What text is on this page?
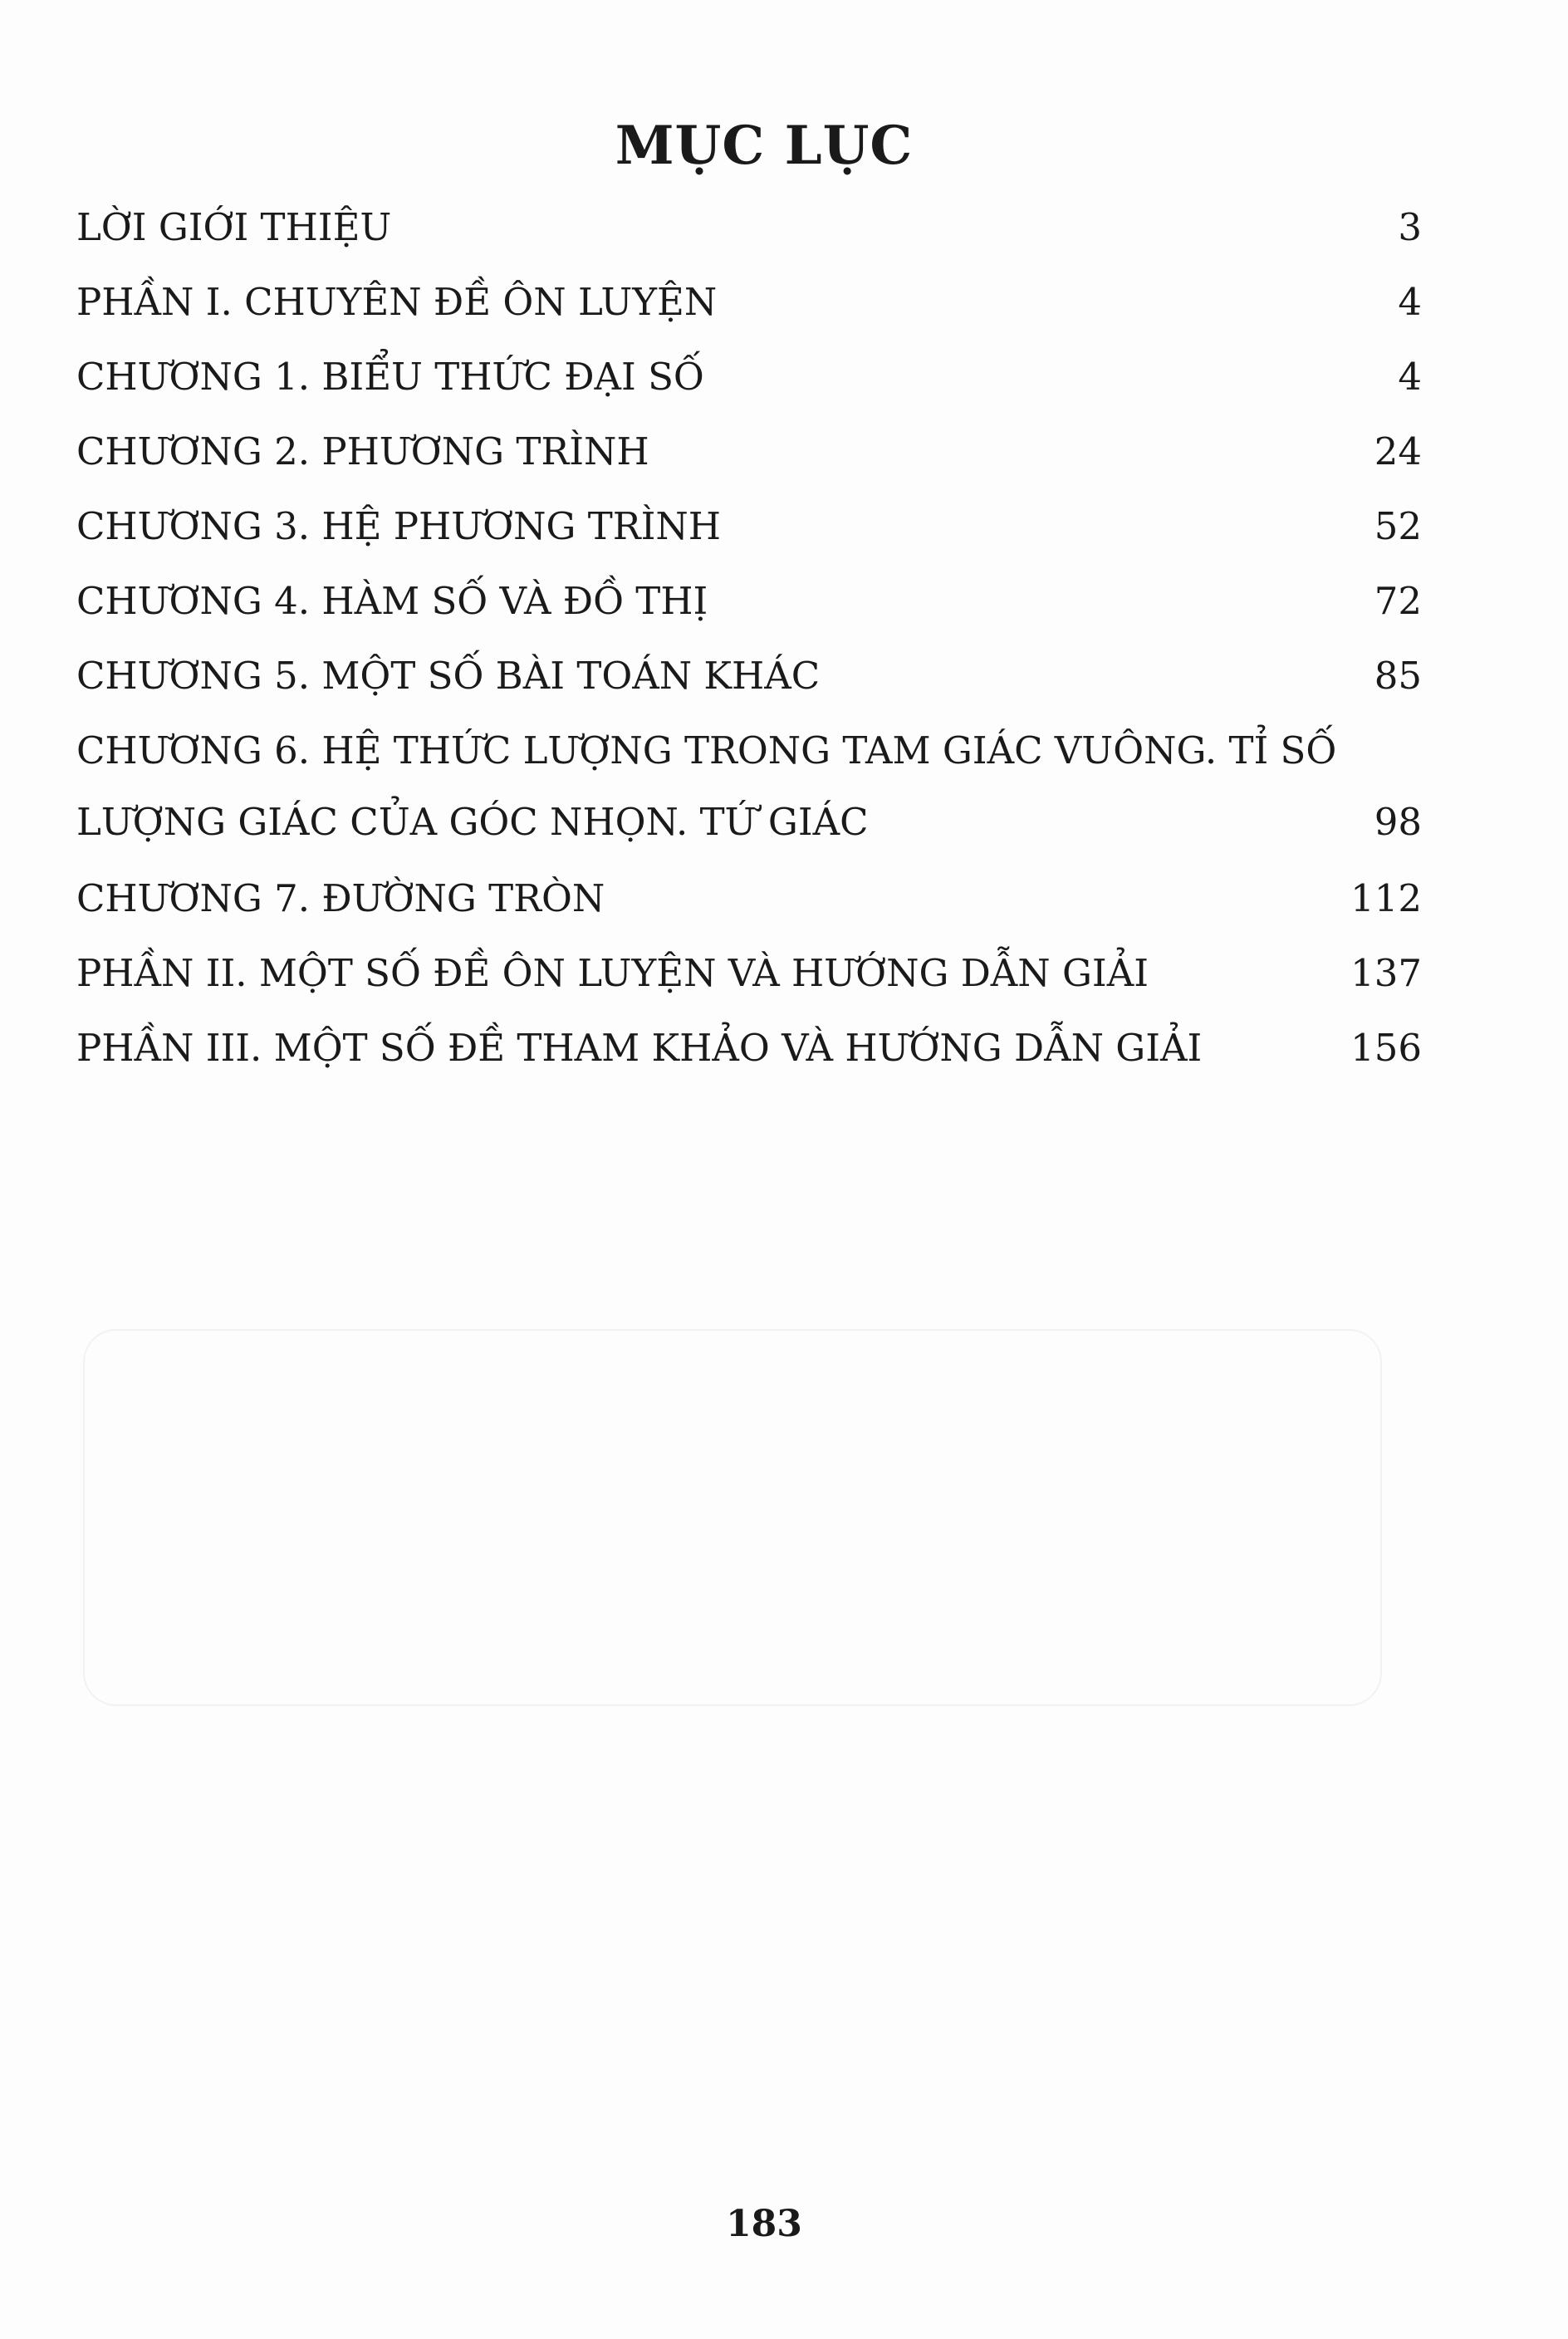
MỤC LỤC
LỜI GIỚI THIỆU	3
PHẦN I. CHUYÊN ĐỀ ÔN LUYỆN	4
CHƯƠNG 1. BIỂU THỨC ĐẠI SỐ	4
CHƯƠNG 2. PHƯƠNG TRÌNH	24
CHƯƠNG 3. HỆ PHƯƠNG TRÌNH	52
CHƯƠNG 4. HÀM SỐ VÀ ĐỒ THỊ	72
CHƯƠNG 5. MỘT SỐ BÀI TOÁN KHÁC	85
CHƯƠNG 6. HỆ THỨC LƯỢNG TRONG TAM GIÁC VUÔNG. TỈ SỐ
LƯỢNG GIÁC CỦA GÓC NHỌN. TỨ GIÁC	98
CHƯƠNG 7. ĐƯỜNG TRÒN	112
PHẦN II. MỘT SỐ ĐỀ ÔN LUYỆN VÀ HƯỚNG DẪN GIẢI	137
PHẦN III. MỘT SỐ ĐỀ THAM KHẢO VÀ HƯỚNG DẪN GIẢI	156
183
